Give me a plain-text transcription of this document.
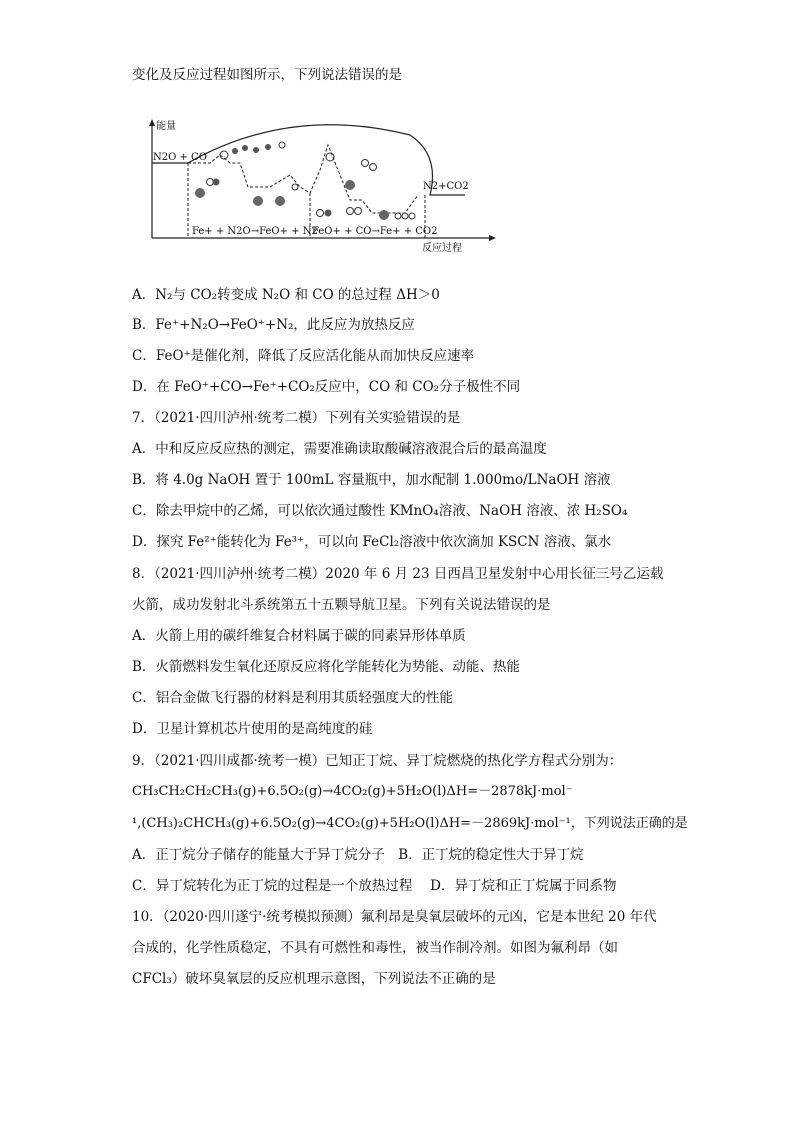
变化及反应过程如图所示，下列说法错误的是
能量
反应过程
N2O + CO
N2+CO2
Fe+ + N2O→FeO+ + N2
FeO+ + CO→Fe+ + CO2
A．N₂与 CO₂转变成 N₂O 和 CO 的总过程 ΔH＞0
B．Fe⁺+N₂O→FeO⁺+N₂，此反应为放热反应
C．FeO⁺是催化剂，降低了反应活化能从而加快反应速率
D．在 FeO⁺+CO→Fe⁺+CO₂反应中，CO 和 CO₂分子极性不同
7．（2021·四川泸州·统考二模）下列有关实验错误的是
A．中和反应反应热的测定，需要准确读取酸碱溶液混合后的最高温度
B．将 4.0g NaOH 置于 100mL 容量瓶中，加水配制 1.000mo/LNaOH 溶液
C．除去甲烷中的乙烯，可以依次通过酸性 KMnO₄溶液、NaOH 溶液、浓 H₂SO₄
D．探究 Fe²⁺能转化为 Fe³⁺，可以向 FeCl₂溶液中依次滴加 KSCN 溶液、氯水
8．（2021·四川泸州·统考二模）2020 年 6 月 23 日西昌卫星发射中心用长征三号乙运载
火箭，成功发射北斗系统第五十五颗导航卫星。下列有关说法错误的是
A．火箭上用的碳纤维复合材料属于碳的同素异形体单质
B．火箭燃料发生氧化还原反应将化学能转化为势能、动能、热能
C．铝合金做飞行器的材料是利用其质轻强度大的性能
D．卫星计算机芯片使用的是高纯度的硅
9．（2021·四川成都·统考一模）已知正丁烷、异丁烷燃烧的热化学方程式分别为：
CH₃CH₂CH₂CH₃(g)+6.5O₂(g)→4CO₂(g)+5H₂O(l)ΔH=－2878kJ·mol⁻
¹,(CH₃)₂CHCH₃(g)+6.5O₂(g)→4CO₂(g)+5H₂O(l)ΔH=－2869kJ·mol⁻¹，下列说法正确的是
A．正丁烷分子储存的能量大于异丁烷分子　B．正丁烷的稳定性大于异丁烷
C．异丁烷转化为正丁烷的过程是一个放热过程　 D．异丁烷和正丁烷属于同系物
10．（2020·四川遂宁·统考模拟预测）氟利昂是臭氧层破坏的元凶，它是本世纪 20 年代
合成的，化学性质稳定，不具有可燃性和毒性，被当作制冷剂。如图为氟利昂（如
CFCl₃）破坏臭氧层的反应机理示意图，下列说法不正确的是
